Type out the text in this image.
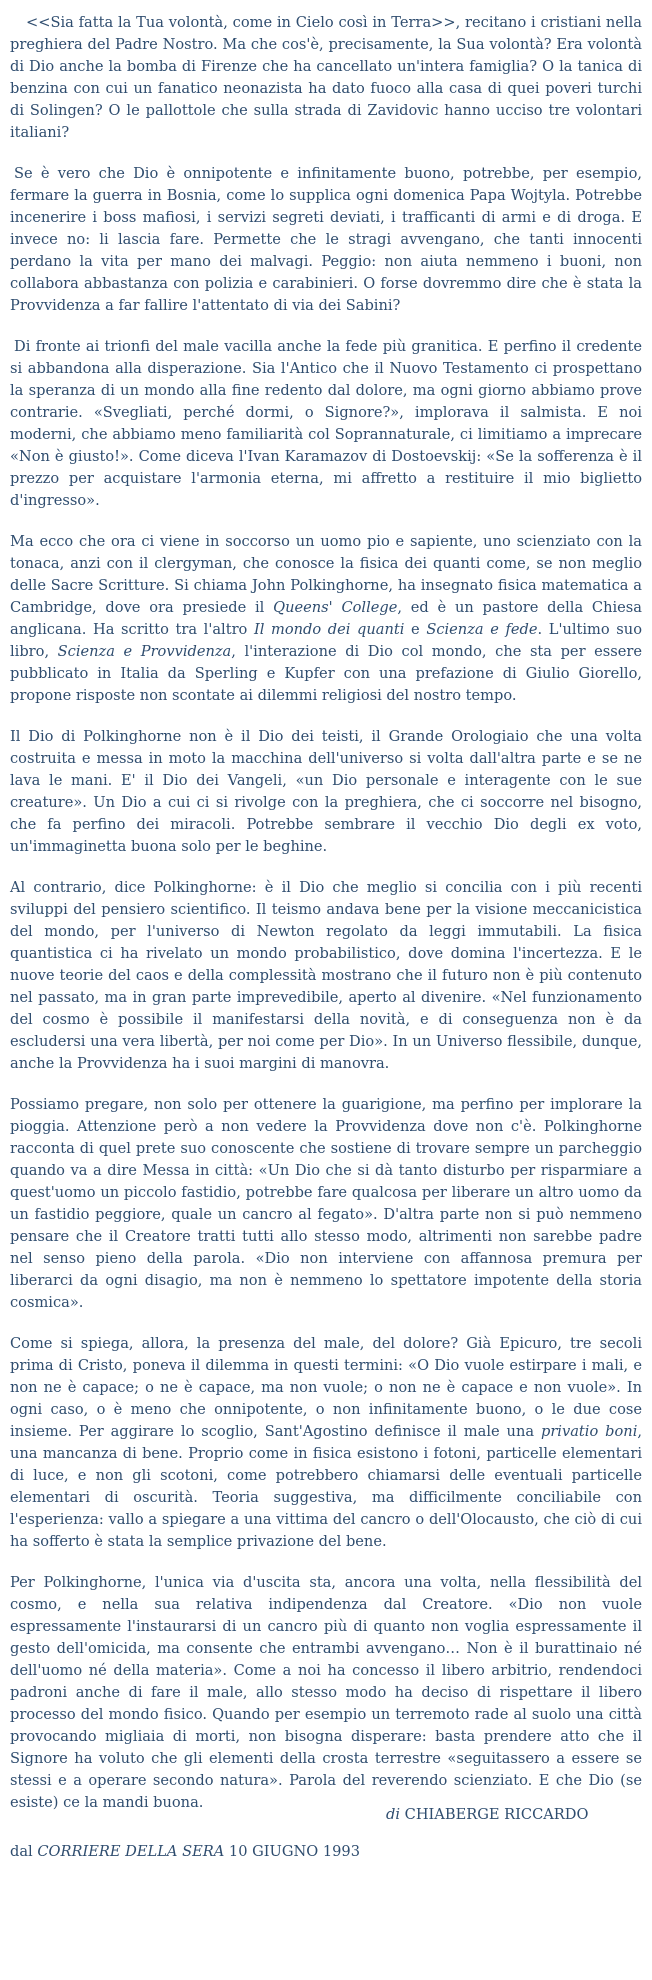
<<Sia fatta la Tua volontà, come in Cielo così in Terra>>, recitano i cristiani nella preghiera del Padre Nostro. Ma che cos'è, precisamente, la Sua volontà? Era volontà di Dio anche la bomba di Firenze che ha cancellato un'intera famiglia? O la tanica di benzina con cui un fanatico neonazista ha dato fuoco alla casa di quei poveri turchi di Solingen? O le pallottole che sulla strada di Zavidovic hanno ucciso tre volontari italiani?

Se è vero che Dio è onnipotente e infinitamente buono, potrebbe, per esempio, fermare la guerra in Bosnia, come lo supplica ogni domenica Papa Wojtyla. Potrebbe incenerire i boss mafiosi, i servizi segreti deviati, i trafficanti di armi e di droga. E invece no: li lascia fare. Permette che le stragi avvengano, che tanti innocenti perdano la vita per mano dei malvagi. Peggio: non aiuta nemmeno i buoni, non collabora abbastanza con polizia e carabinieri. O forse dovremmo dire che è stata la Provvidenza a far fallire l'attentato di via dei Sabini?

Di fronte ai trionfi del male vacilla anche la fede più granitica. E perfino il credente si abbandona alla disperazione. Sia l'Antico che il Nuovo Testamento ci prospettano la speranza di un mondo alla fine redento dal dolore, ma ogni giorno abbiamo prove contrarie. «Svegliati, perché dormi, o Signore?», implorava il salmista. E noi moderni, che abbiamo meno familiarità col Soprannaturale, ci limitiamo a imprecare «Non è giusto!». Come diceva l'Ivan Karamazov di Dostoevskij: «Se la sofferenza è il prezzo per acquistare l'armonia eterna, mi affretto a restituire il mio biglietto d'ingresso».

Ma ecco che ora ci viene in soccorso un uomo pio e sapiente, uno scienziato con la tonaca, anzi con il clergyman, che conosce la fisica dei quanti come, se non meglio delle Sacre Scritture. Si chiama John Polkinghorne, ha insegnato fisica matematica a Cambridge, dove ora presiede il Queens' College, ed è un pastore della Chiesa anglicana. Ha scritto tra l'altro Il mondo dei quanti e Scienza e fede. L'ultimo suo libro, Scienza e Provvidenza, l'interazione di Dio col mondo, che sta per essere pubblicato in Italia da Sperling e Kupfer con una prefazione di Giulio Giorello, propone risposte non scontate ai dilemmi religiosi del nostro tempo.

Il Dio di Polkinghorne non è il Dio dei teisti, il Grande Orologiaio che una volta costruita e messa in moto la macchina dell'universo si volta dall'altra parte e se ne lava le mani. E' il Dio dei Vangeli, «un Dio personale e interagente con le sue creature». Un Dio a cui ci si rivolge con la preghiera, che ci soccorre nel bisogno, che fa perfino dei miracoli. Potrebbe sembrare il vecchio Dio degli ex voto, un'immaginetta buona solo per le beghine.

Al contrario, dice Polkinghorne: è il Dio che meglio si concilia con i più recenti sviluppi del pensiero scientifico. Il teismo andava bene per la visione meccanicistica del mondo, per l'universo di Newton regolato da leggi immutabili. La fisica quantistica ci ha rivelato un mondo probabilistico, dove domina l'incertezza. E le nuove teorie del caos e della complessità mostrano che il futuro non è più contenuto nel passato, ma in gran parte imprevedibile, aperto al divenire. «Nel funzionamento del cosmo è possibile il manifestarsi della novità, e di conseguenza non è da escludersi una vera libertà, per noi come per Dio». In un Universo flessibile, dunque, anche la Provvidenza ha i suoi margini di manovra.

Possiamo pregare, non solo per ottenere la guarigione, ma perfino per implorare la pioggia. Attenzione però a non vedere la Provvidenza dove non c'è. Polkinghorne racconta di quel prete suo conoscente che sostiene di trovare sempre un parcheggio quando va a dire Messa in città: «Un Dio che si dà tanto disturbo per risparmiare a quest'uomo un piccolo fastidio, potrebbe fare qualcosa per liberare un altro uomo da un fastidio peggiore, quale un cancro al fegato». D'altra parte non si può nemmeno pensare che il Creatore tratti tutti allo stesso modo, altrimenti non sarebbe padre nel senso pieno della parola. «Dio non interviene con affannosa premura per liberarci da ogni disagio, ma non è nemmeno lo spettatore impotente della storia cosmica».

Come si spiega, allora, la presenza del male, del dolore? Già Epicuro, tre secoli prima di Cristo, poneva il dilemma in questi termini: «O Dio vuole estirpare i mali, e non ne è capace; o ne è capace, ma non vuole; o non ne è capace e non vuole». In ogni caso, o è meno che onnipotente, o non infinitamente buono, o le due cose insieme. Per aggirare lo scoglio, Sant'Agostino definisce il male una privatio boni, una mancanza di bene. Proprio come in fisica esistono i fotoni, particelle elementari di luce, e non gli scotoni, come potrebbero chiamarsi delle eventuali particelle elementari di oscurità. Teoria suggestiva, ma difficilmente conciliabile con l'esperienza: vallo a spiegare a una vittima del cancro o dell'Olocausto, che ciò di cui ha sofferto è stata la semplice privazione del bene.

Per Polkinghorne, l'unica via d'uscita sta, ancora una volta, nella flessibilità del cosmo, e nella sua relativa indipendenza dal Creatore. «Dio non vuole espressamente l'instaurarsi di un cancro più di quanto non voglia espressamente il gesto dell'omicida, ma consente che entrambi avvengano… Non è il burattinaio né dell'uomo né della materia». Come a noi ha concesso il libero arbitrio, rendendoci padroni anche di fare il male, allo stesso modo ha deciso di rispettare il libero processo del mondo fisico. Quando per esempio un terremoto rade al suolo una città provocando migliaia di morti, non bisogna disperare: basta prendere atto che il Signore ha voluto che gli elementi della crosta terrestre «seguitassero a essere se stessi e a operare secondo natura». Parola del reverendo scienziato. E che Dio (se esiste) ce la mandi buona.

di CHIABERGE RICCARDO
dal CORRIERE DELLA SERA 10 GIUGNO 1993
